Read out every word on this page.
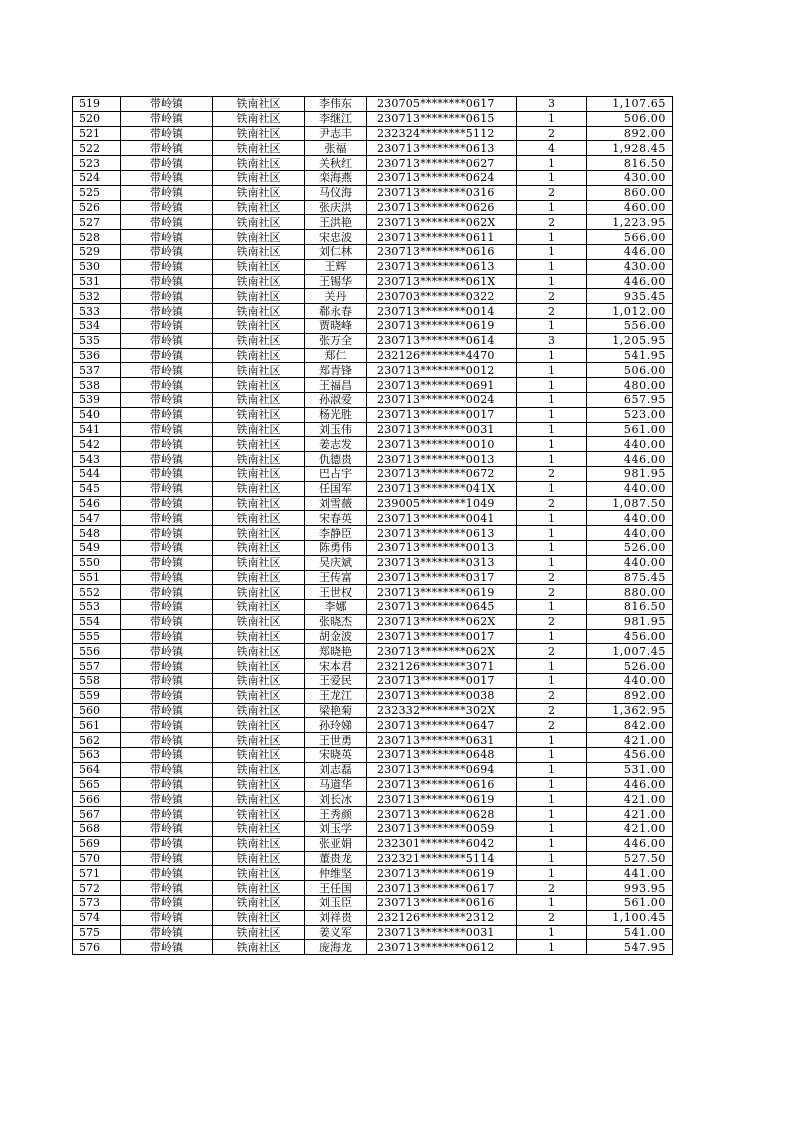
519	带岭镇	铁南社区	李伟东	230705********0617	3	1,107.65
520	带岭镇	铁南社区	李继江	230713********0615	1	506.00
521	带岭镇	铁南社区	尹志丰	232324********5112	2	892.00
522	带岭镇	铁南社区	张福	230713********0613	4	1,928.45
523	带岭镇	铁南社区	关秋红	230713********0627	1	816.50
524	带岭镇	铁南社区	栾海燕	230713********0624	1	430.00
525	带岭镇	铁南社区	马仪海	230713********0316	2	860.00
526	带岭镇	铁南社区	张庆洪	230713********0626	1	460.00
527	带岭镇	铁南社区	王洪艳	230713********062X	2	1,223.95
528	带岭镇	铁南社区	宋忠波	230713********0611	1	566.00
529	带岭镇	铁南社区	刘仁林	230713********0616	1	446.00
530	带岭镇	铁南社区	王辉	230713********0613	1	430.00
531	带岭镇	铁南社区	王锡华	230713********061X	1	446.00
532	带岭镇	铁南社区	关丹	230703********0322	2	935.45
533	带岭镇	铁南社区	郗永春	230713********0014	2	1,012.00
534	带岭镇	铁南社区	贾晓峰	230713********0619	1	556.00
535	带岭镇	铁南社区	张万全	230713********0614	3	1,205.95
536	带岭镇	铁南社区	郑仁	232126********4470	1	541.95
537	带岭镇	铁南社区	郑青锋	230713********0012	1	506.00
538	带岭镇	铁南社区	王福昌	230713********0691	1	480.00
539	带岭镇	铁南社区	孙淑爱	230713********0024	1	657.95
540	带岭镇	铁南社区	杨光胜	230713********0017	1	523.00
541	带岭镇	铁南社区	刘玉伟	230713********0031	1	561.00
542	带岭镇	铁南社区	姜志发	230713********0010	1	440.00
543	带岭镇	铁南社区	仇德贵	230713********0013	1	446.00
544	带岭镇	铁南社区	巴占宇	230713********0672	2	981.95
545	带岭镇	铁南社区	任国军	230713********041X	1	440.00
546	带岭镇	铁南社区	刘雪薇	239005********1049	2	1,087.50
547	带岭镇	铁南社区	宋春英	230713********0041	1	440.00
548	带岭镇	铁南社区	李静臣	230713********0613	1	440.00
549	带岭镇	铁南社区	陈勇伟	230713********0013	1	526.00
550	带岭镇	铁南社区	吴庆斌	230713********0313	1	440.00
551	带岭镇	铁南社区	王传富	230713********0317	2	875.45
552	带岭镇	铁南社区	王世权	230713********0619	2	880.00
553	带岭镇	铁南社区	李娜	230713********0645	1	816.50
554	带岭镇	铁南社区	张晓杰	230713********062X	2	981.95
555	带岭镇	铁南社区	胡金波	230713********0017	1	456.00
556	带岭镇	铁南社区	郑晓艳	230713********062X	2	1,007.45
557	带岭镇	铁南社区	宋本君	232126********3071	1	526.00
558	带岭镇	铁南社区	王爱民	230713********0017	1	440.00
559	带岭镇	铁南社区	王龙江	230713********0038	2	892.00
560	带岭镇	铁南社区	梁艳菊	232332********302X	2	1,362.95
561	带岭镇	铁南社区	孙玲娣	230713********0647	2	842.00
562	带岭镇	铁南社区	王世勇	230713********0631	1	421.00
563	带岭镇	铁南社区	宋晓英	230713********0648	1	456.00
564	带岭镇	铁南社区	刘志磊	230713********0694	1	531.00
565	带岭镇	铁南社区	马道华	230713********0616	1	446.00
566	带岭镇	铁南社区	刘长冰	230713********0619	1	421.00
567	带岭镇	铁南社区	王秀颜	230713********0628	1	421.00
568	带岭镇	铁南社区	刘玉学	230713********0059	1	421.00
569	带岭镇	铁南社区	张亚娟	232301********6042	1	446.00
570	带岭镇	铁南社区	董贵龙	232321********5114	1	527.50
571	带岭镇	铁南社区	仲维坚	230713********0619	1	441.00
572	带岭镇	铁南社区	王任国	230713********0617	2	993.95
573	带岭镇	铁南社区	刘玉臣	230713********0616	1	561.00
574	带岭镇	铁南社区	刘祥贵	232126********2312	2	1,100.45
575	带岭镇	铁南社区	姜义军	230713********0031	1	541.00
576	带岭镇	铁南社区	庞海龙	230713********0612	1	547.95
